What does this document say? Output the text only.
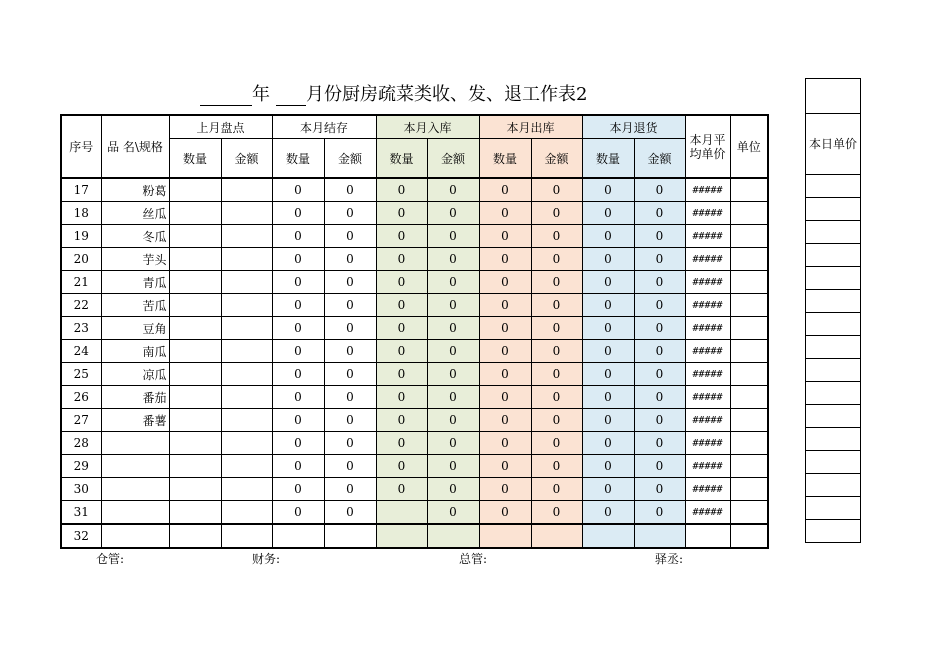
年 月份厨房疏菜类收、发、退工作表2
序号	品 名\规格	上月盘点		本月结存		本月入库		本月出库		本月退货		本月平均单价	单位
		数量	金额	数量	金额	数量	金额	数量	金额	数量	金额		
17	粉葛			0	0	0	0	0	0	0	0	#####	
18	丝瓜			0	0	0	0	0	0	0	0	#####	
19	冬瓜			0	0	0	0	0	0	0	0	#####	
20	芋头			0	0	0	0	0	0	0	0	#####	
21	青瓜			0	0	0	0	0	0	0	0	#####	
22	苦瓜			0	0	0	0	0	0	0	0	#####	
23	豆角			0	0	0	0	0	0	0	0	#####	
24	南瓜			0	0	0	0	0	0	0	0	#####	
25	凉瓜			0	0	0	0	0	0	0	0	#####	
26	番茄			0	0	0	0	0	0	0	0	#####	
27	番薯			0	0	0	0	0	0	0	0	#####	
28				0	0	0	0	0	0	0	0	#####	
29				0	0	0	0	0	0	0	0	#####	
30				0	0	0	0	0	0	0	0	#####	
31				0	0		0	0	0	0	0	#####	
32													

本日单价

仓管:	财务:	总管:	驿丞:
